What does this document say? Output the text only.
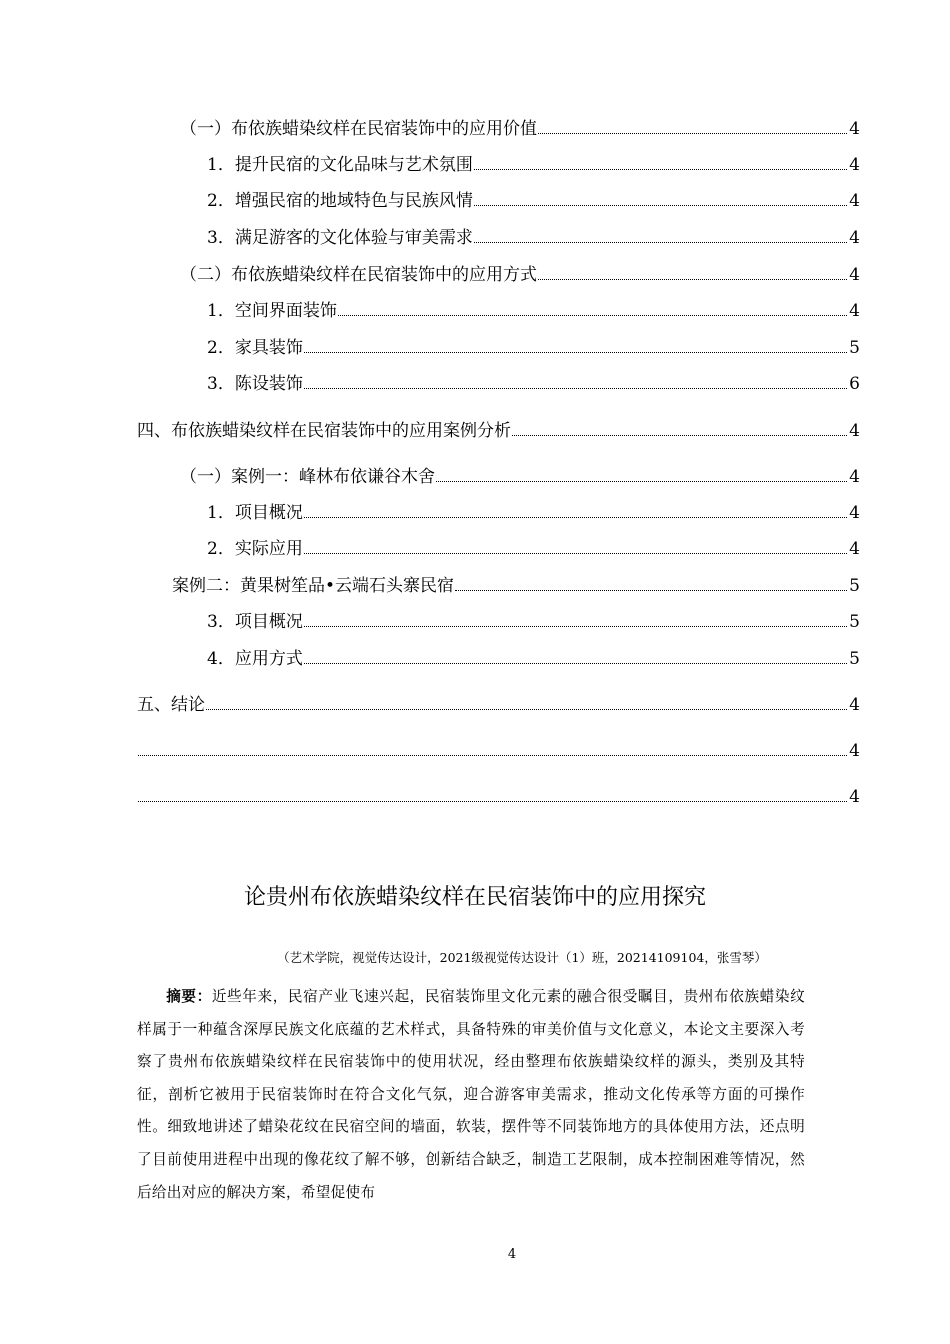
（一）布依族蜡染纹样在民宿装饰中的应用价值	4
1．提升民宿的文化品味与艺术氛围	4
2．增强民宿的地域特色与民族风情	4
3．满足游客的文化体验与审美需求	4
（二）布依族蜡染纹样在民宿装饰中的应用方式	4
1．空间界面装饰	4
2．家具装饰	5
3．陈设装饰	6
四、布依族蜡染纹样在民宿装饰中的应用案例分析	4
（一）案例一：峰林布依谦谷木舍	4
1．项目概况	4
2．实际应用	4
案例二：黄果树笙品•云端石头寨民宿	5
3．项目概况	5
4．应用方式	5
五、结论	4
4
4
论贵州布依族蜡染纹样在民宿装饰中的应用探究
（艺术学院，视觉传达设计，2021级视觉传达设计（1）班，20214109104，张雪琴）
摘要：近些年来，民宿产业飞速兴起，民宿装饰里文化元素的融合很受瞩目，贵州布依族蜡染纹样属于一种蕴含深厚民族文化底蕴的艺术样式，具备特殊的审美价值与文化意义，本论文主要深入考察了贵州布依族蜡染纹样在民宿装饰中的使用状况，经由整理布依族蜡染纹样的源头，类别及其特征，剖析它被用于民宿装饰时在符合文化气氛，迎合游客审美需求，推动文化传承等方面的可操作性。细致地讲述了蜡染花纹在民宿空间的墙面，软装，摆件等不同装饰地方的具体使用方法，还点明了目前使用进程中出现的像花纹了解不够，创新结合缺乏，制造工艺限制，成本控制困难等情况，然后给出对应的解决方案，希望促使布
4
